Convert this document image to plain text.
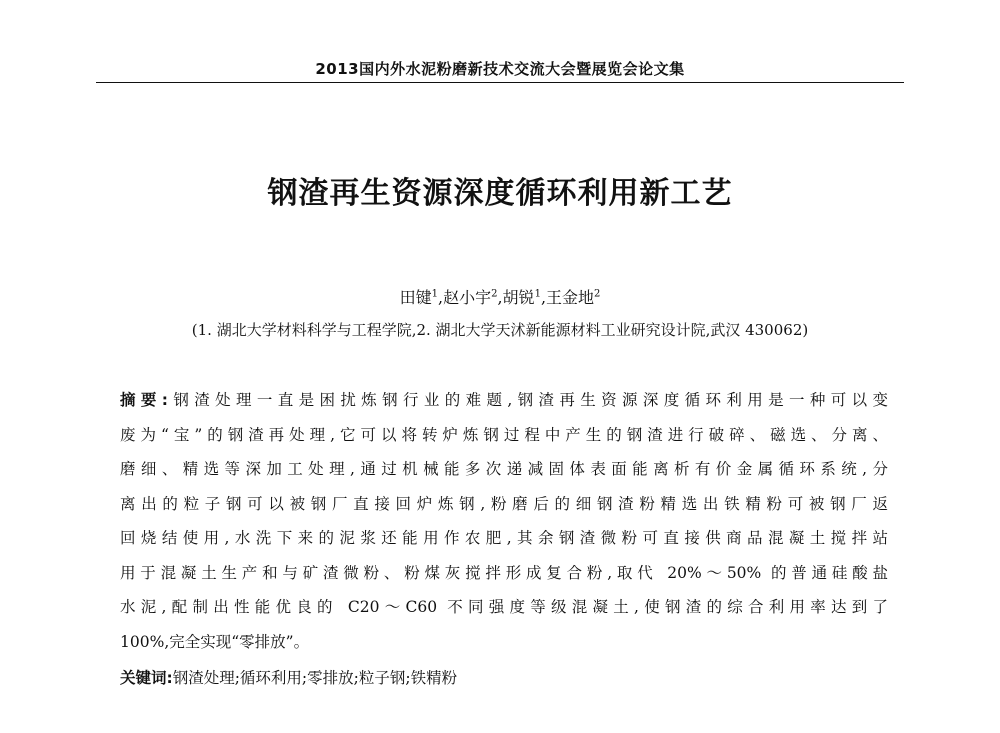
2013国内外水泥粉磨新技术交流大会暨展览会论文集
钢渣再生资源深度循环利用新工艺
田键$^1$,赵小宇$^2$,胡锐$^1$,王金地$^2$
(1. 湖北大学材料科学与工程学院,2. 湖北大学天沭新能源材料工业研究设计院,武汉 430062)
摘要:钢渣处理一直是困扰炼钢行业的难题,钢渣再生资源深度循环利用是一种可以变
废为“宝”的钢渣再处理,它可以将转炉炼钢过程中产生的钢渣进行破碎、磁选、分离、
磨细、精选等深加工处理,通过机械能多次递减固体表面能离析有价金属循环系统,分
离出的粒子钢可以被钢厂直接回炉炼钢,粉磨后的细钢渣粉精选出铁精粉可被钢厂返
回烧结使用,水洗下来的泥浆还能用作农肥,其余钢渣微粉可直接供商品混凝土搅拌站
用于混凝土生产和与矿渣微粉、粉煤灰搅拌形成复合粉,取代 20%～50% 的普通硅酸盐
水泥,配制出性能优良的 C20～C60 不同强度等级混凝土,使钢渣的综合利用率达到了
100%,完全实现“零排放”。
关键词:钢渣处理;循环利用;零排放;粒子钢;铁精粉
